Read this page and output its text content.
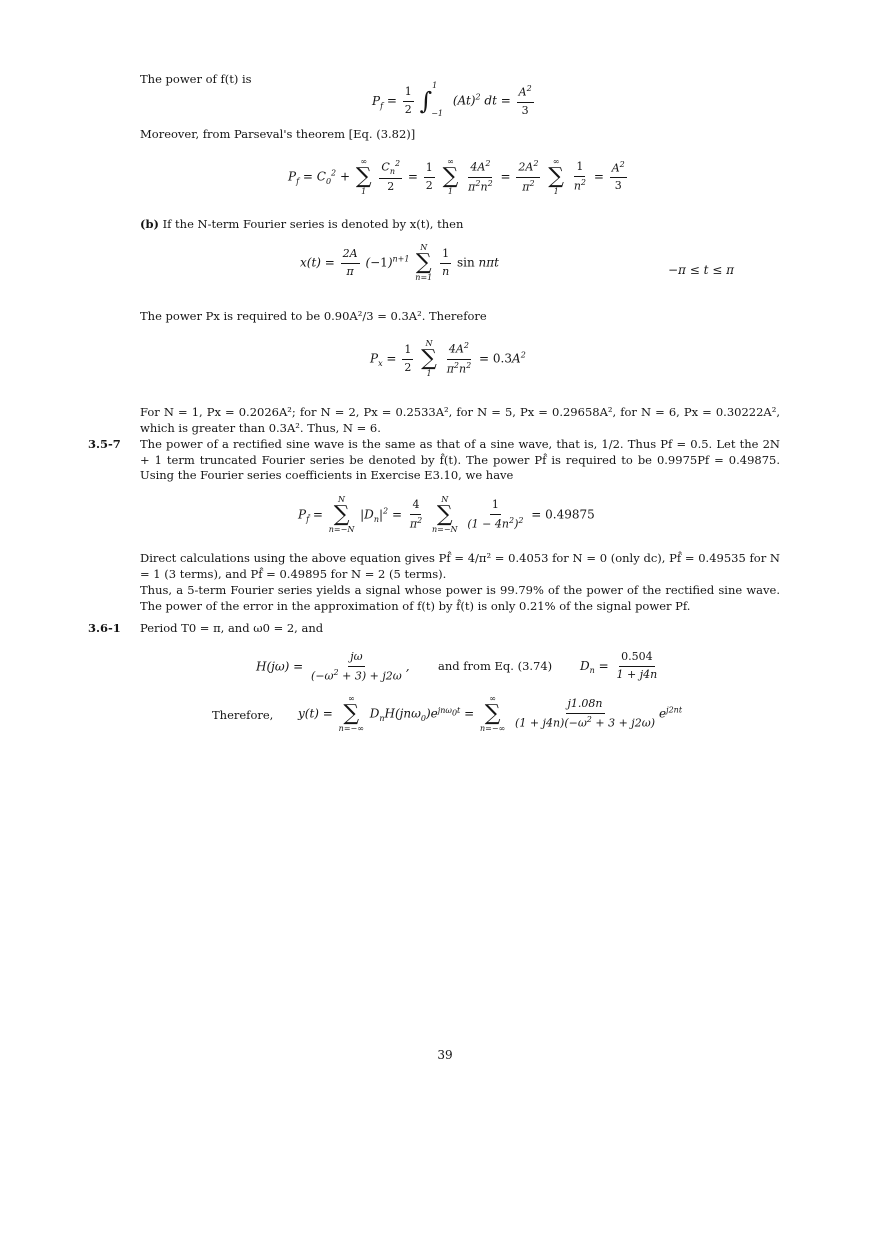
The power of f(t) is
$P_f = \frac{1}{2} \int^1_{-1}$ $(At)^2$ dt = $\frac{A^2}{3}$
Moreover, from Parseval's theorem [Eq. (3.82)]
$P_f = C_0^2$ +
∞
∑
1
$\frac{C_n^2}{2} = \frac{1}{2}$
∞
∑
1
$\frac{4A^2}{\pi^2n^2} = \frac{2A^2}{\pi^2}$
∞
∑
1
$\frac{1}{n^2} = \frac{A^2}{3}$
(b) If the N-term Fourier series is denoted by x(t), then
$x(t) = \frac{2A}{\pi} (-1)^{n+1}$
N
∑
n=1
$\frac{1}{n}$ sin nπt
−π ≤ t ≤ π
The power Px is required to be 0.90A²/3 = 0.3A². Therefore
$P_x = \frac{1}{2}$
N
∑
1
$\frac{4A^2}{\pi^2n^2} = 0.3A^2$
For N = 1, Px = 0.2026A²; for N = 2, Px = 0.2533A², for N = 5, Px = 0.29658A², for N = 6, Px = 0.30222A², which is greater than 0.3A². Thus, N = 6.
3.5-7 The power of a rectified sine wave is the same as that of a sine wave, that is, 1/2. Thus Pf = 0.5. Let the 2N + 1 term truncated Fourier series be denoted by f̂(t). The power Pf̂ is required to be 0.9975Pf = 0.49875. Using the Fourier series coefficients in Exercise E3.10, we have
$P_{f̂}$ =
N
∑
n=−N
$|D_n|^2 = \frac{4}{\pi^2}$
N
∑
n=−N
$\frac{1}{(1 - 4n^2)^2} = 0.49875$
Direct calculations using the above equation gives Pf̂ = 4/π² = 0.4053 for N = 0 (only dc), Pf̂ = 0.49535 for N = 1 (3 terms), and Pf̂ = 0.49895 for N = 2 (5 terms).
Thus, a 5-term Fourier series yields a signal whose power is 99.79% of the power of the rectified sine wave. The power of the error in the approximation of f(t) by f̂(t) is only 0.21% of the signal power Pf.
3.6-1 Period T0 = π, and ω0 = 2, and
$H(j\omega) = \frac{j\omega}{(-\omega^2 + 3) + j2\omega}$ , and from Eq. (3.74) $D_n = \frac{0.504}{1 + j4n}$
Therefore, y(t) =
∞
∑
n=−∞
$D_nH(jn\omega_0)e^{jn\omega_0t}$ =
∞
∑
n=−∞
$\frac{j1.08n}{(1 + j4n)(-\omega^2 + 3 + j2\omega)} e^{j2nt}$
39
